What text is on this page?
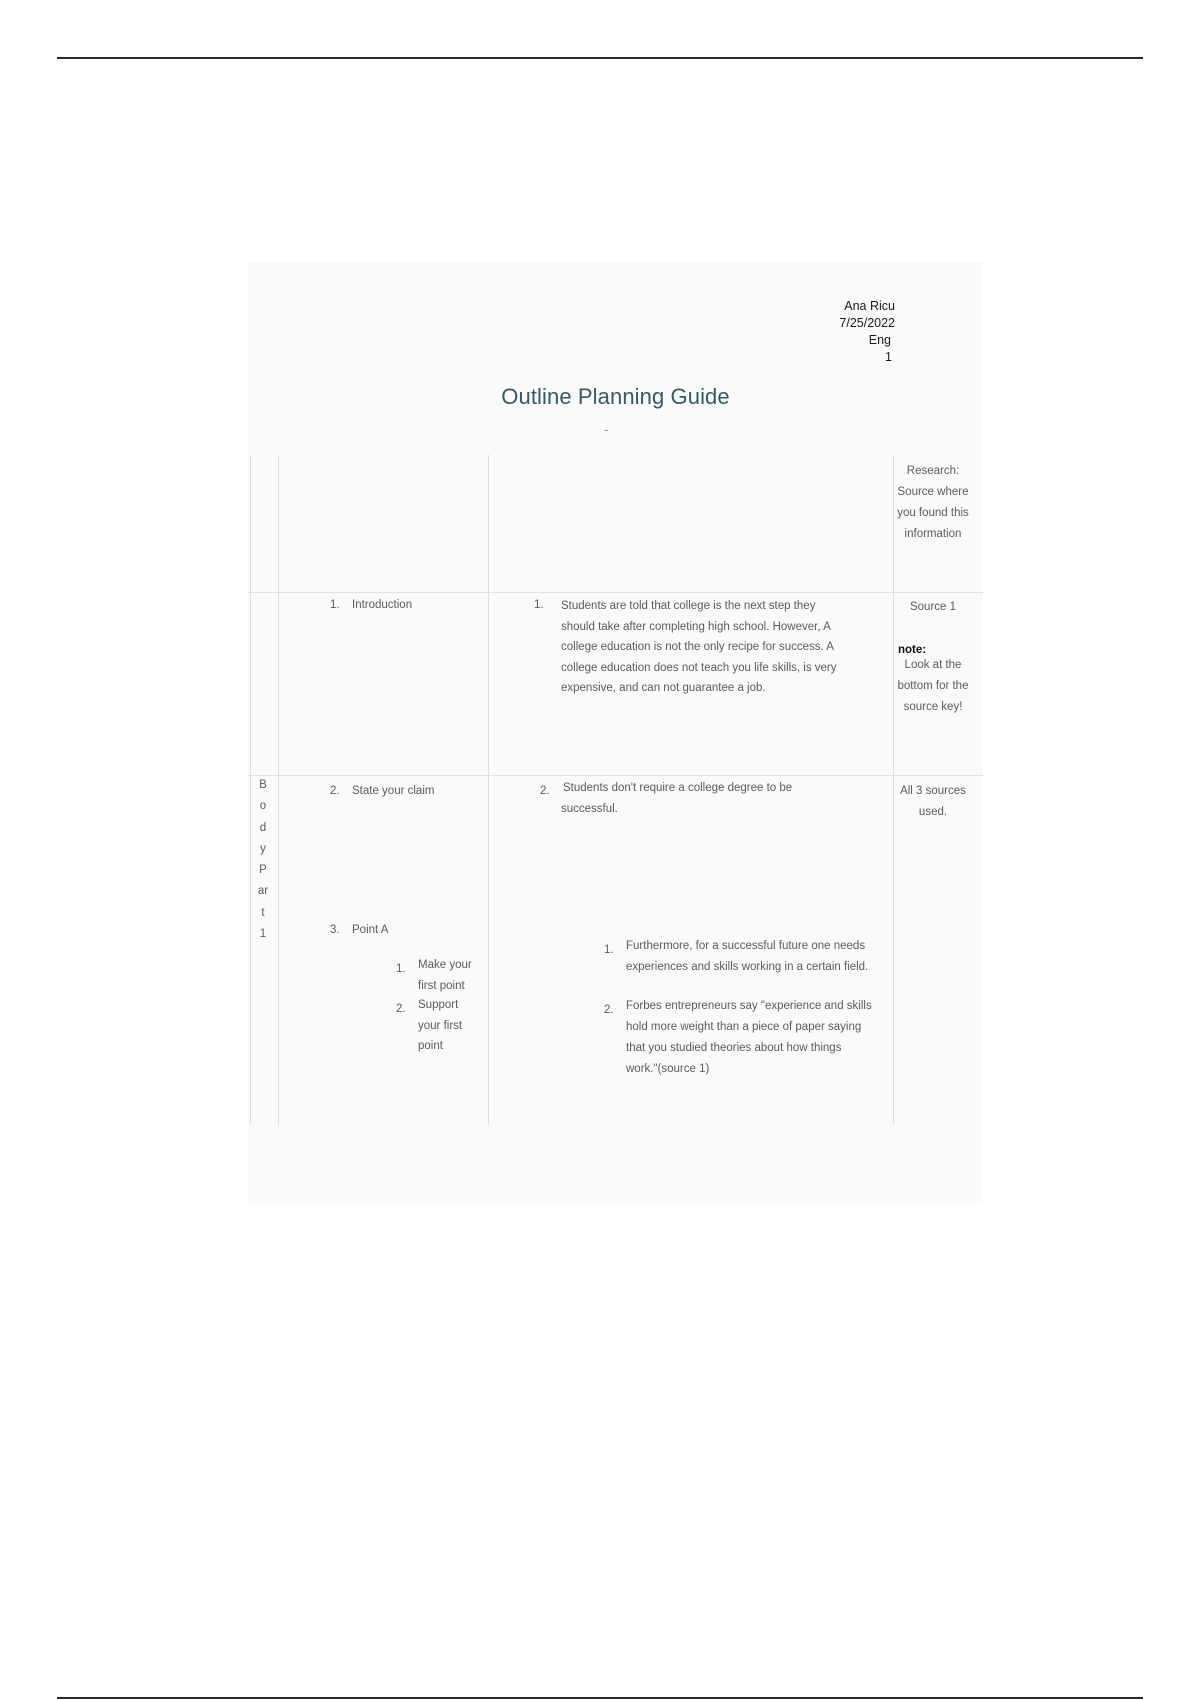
Ana Ricu
7/25/2022
Eng
1
Outline Planning Guide
-
Research: Source where you found this information
1. Introduction	1. Students are told that college is the next step they should take after completing high school. However, A college education is not the only recipe for success. A college education does not teach you life skills, is very expensive, and can not guarantee a job.
Source 1
note:
Look at the bottom for the source key!
B
o
d
y
P
ar
t
1
2. State your claim	2. Students don't require a college degree to be successful.
All 3 sources used.
3. Point A
1. Make your first point
2. Support your first point
1. Furthermore, for a successful future one needs experiences and skills working in a certain field.
2. Forbes entrepreneurs say "experience and skills hold more weight than a piece of paper saying that you studied theories about how things work."(source 1)
